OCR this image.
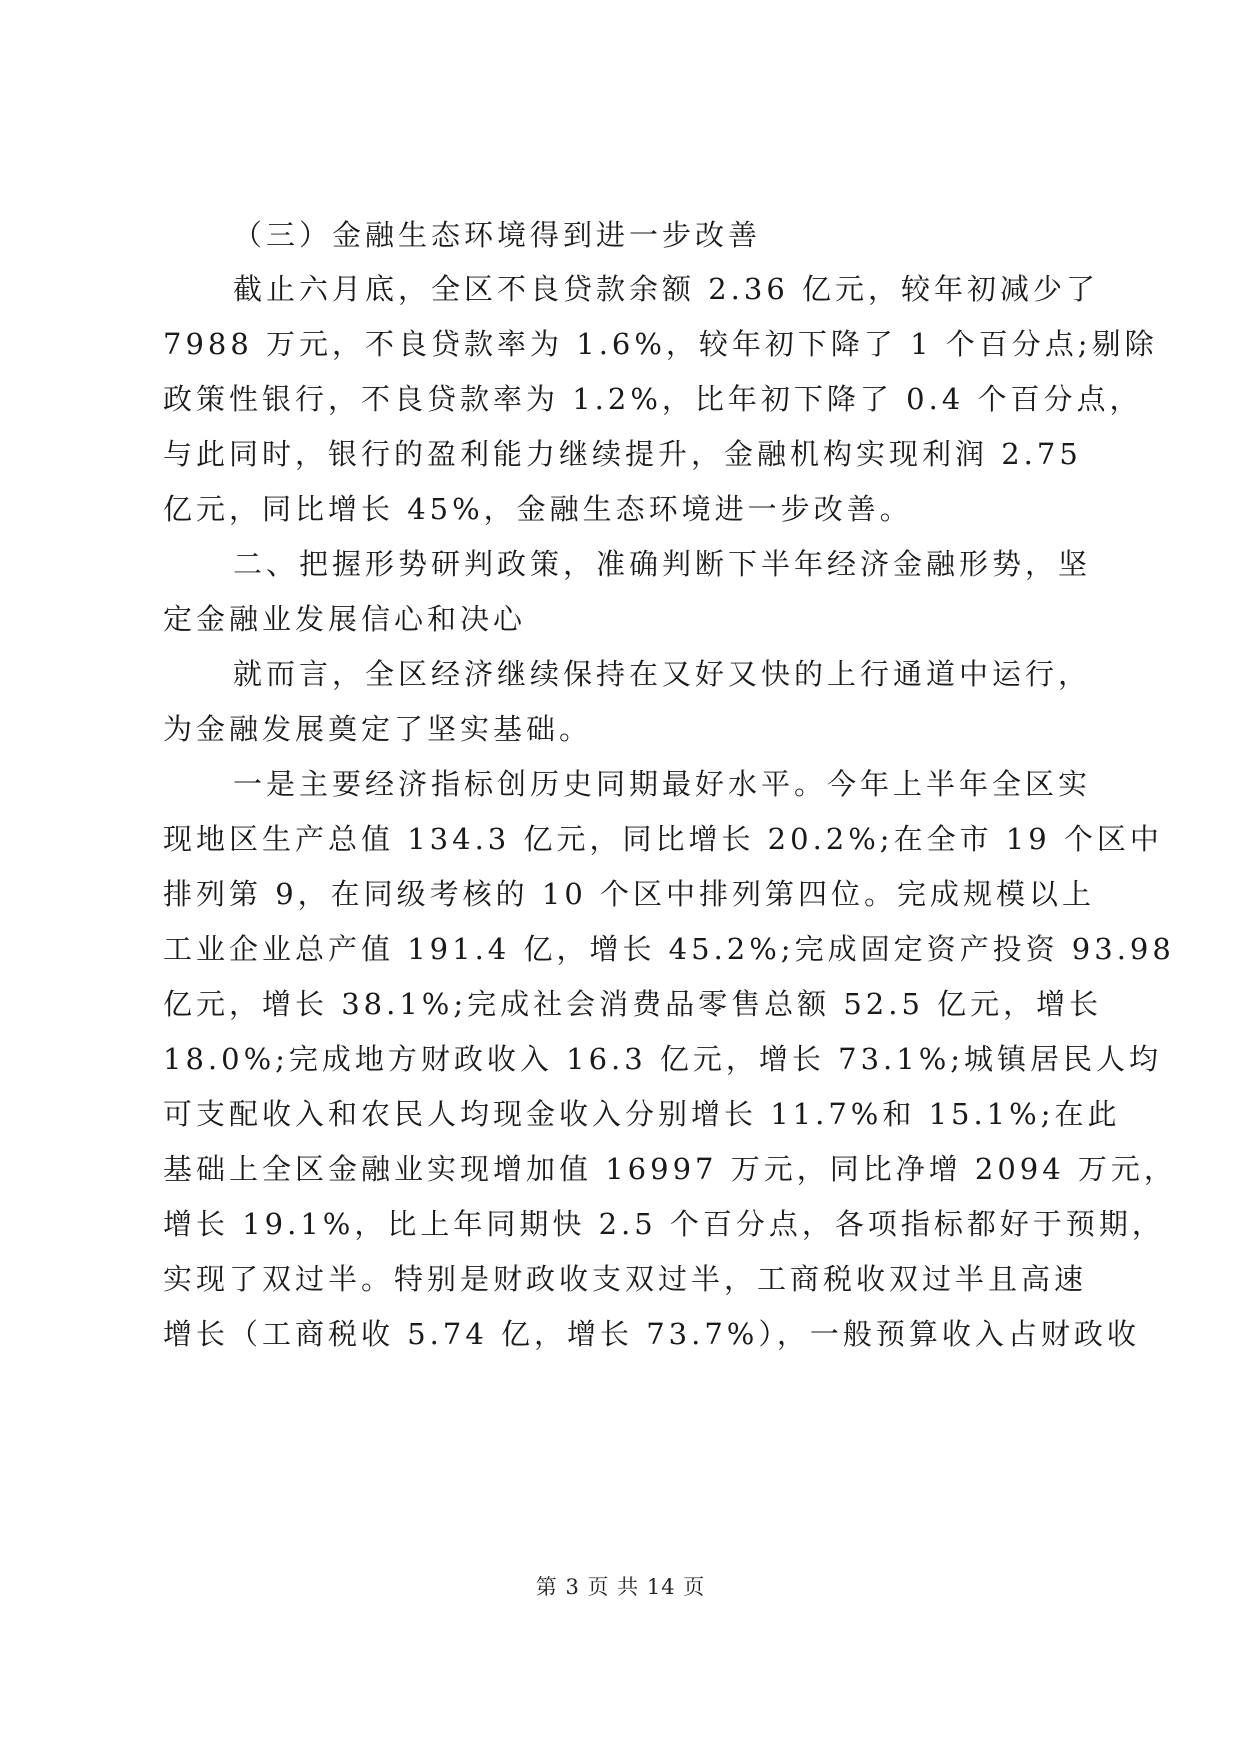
（三）金融生态环境得到进一步改善
截止六月底，全区不良贷款余额 2.36 亿元，较年初减少了
7988 万元，不良贷款率为 1.6%，较年初下降了 1 个百分点;剔除
政策性银行，不良贷款率为 1.2%，比年初下降了 0.4 个百分点，
与此同时，银行的盈利能力继续提升，金融机构实现利润 2.75
亿元，同比增长 45%，金融生态环境进一步改善。
二、把握形势研判政策，准确判断下半年经济金融形势，坚
定金融业发展信心和决心
就而言，全区经济继续保持在又好又快的上行通道中运行，
为金融发展奠定了坚实基础。
一是主要经济指标创历史同期最好水平。今年上半年全区实
现地区生产总值 134.3 亿元，同比增长 20.2%;在全市 19 个区中
排列第 9，在同级考核的 10 个区中排列第四位。完成规模以上
工业企业总产值 191.4 亿，增长 45.2%;完成固定资产投资 93.98
亿元，增长 38.1%;完成社会消费品零售总额 52.5 亿元，增长
18.0%;完成地方财政收入 16.3 亿元，增长 73.1%;城镇居民人均
可支配收入和农民人均现金收入分别增长 11.7%和 15.1%;在此
基础上全区金融业实现增加值 16997 万元，同比净增 2094 万元，
增长 19.1%，比上年同期快 2.5 个百分点，各项指标都好于预期，
实现了双过半。特别是财政收支双过半，工商税收双过半且高速
增长（工商税收 5.74 亿，增长 73.7%），一般预算收入占财政收
第 3 页 共 14 页
